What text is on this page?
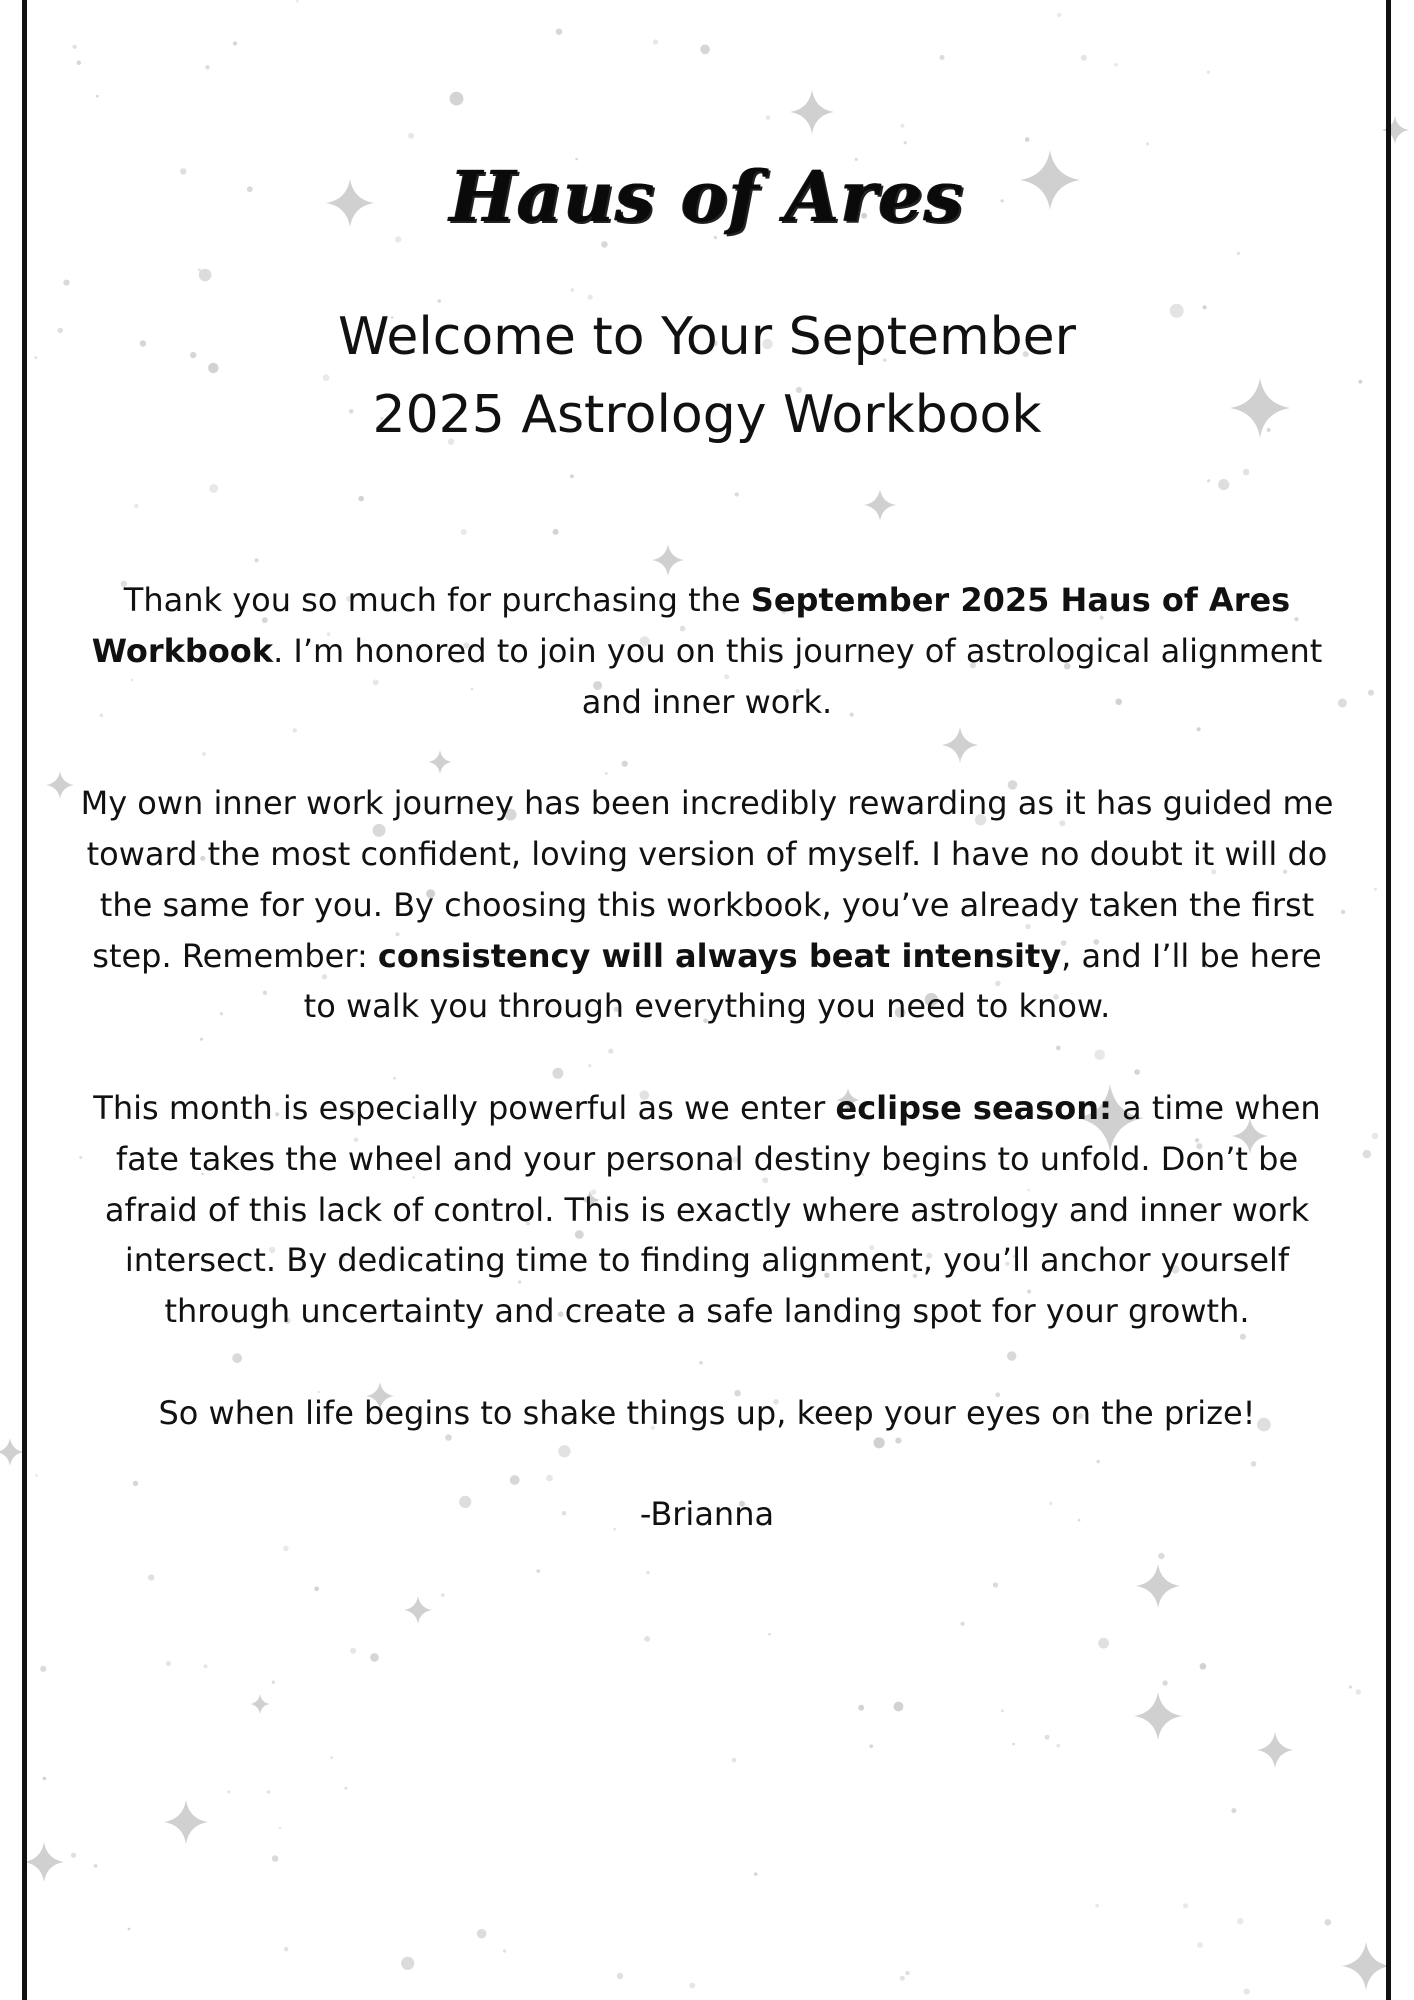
Haus of Ares
Welcome to Your September
2025 Astrology Workbook

Thank you so much for purchasing the September 2025 Haus of Ares Workbook. I’m honored to join you on this journey of astrological alignment and inner work.

My own inner work journey has been incredibly rewarding as it has guided me toward the most confident, loving version of myself. I have no doubt it will do the same for you. By choosing this workbook, you’ve already taken the first step. Remember: consistency will always beat intensity, and I’ll be here to walk you through everything you need to know.

This month is especially powerful as we enter eclipse season: a time when fate takes the wheel and your personal destiny begins to unfold. Don’t be afraid of this lack of control. This is exactly where astrology and inner work intersect. By dedicating time to finding alignment, you’ll anchor yourself through uncertainty and create a safe landing spot for your growth.

So when life begins to shake things up, keep your eyes on the prize!

-Brianna
